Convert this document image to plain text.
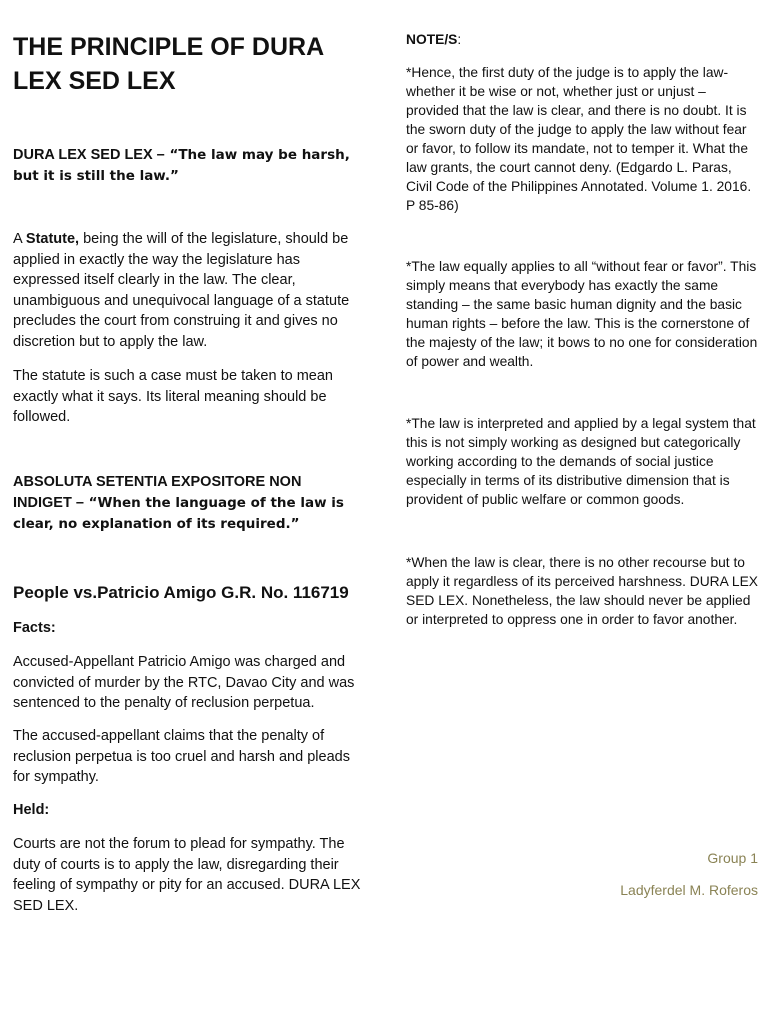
THE PRINCIPLE OF DURA LEX SED LEX

DURA LEX SED LEX – “The law may be harsh, but it is still the law.”

A Statute, being the will of the legislature, should be applied in exactly the way the legislature has expressed itself clearly in the law. The clear, unambiguous and unequivocal language of a statute precludes the court from construing it and gives no discretion but to apply the law.

The statute is such a case must be taken to mean exactly what it says. Its literal meaning should be followed.

ABSOLUTA SETENTIA EXPOSITORE NON INDIGET – “When the language of the law is clear, no explanation of its required.”

People vs.Patricio Amigo G.R. No. 116719

Facts:

Accused-Appellant Patricio Amigo was charged and convicted of murder by the RTC, Davao City and was sentenced to the penalty of reclusion perpetua.

The accused-appellant claims that the penalty of reclusion perpetua is too cruel and harsh and pleads for sympathy.

Held:

Courts are not the forum to plead for sympathy. The duty of courts is to apply the law, disregarding their feeling of sympathy or pity for an accused. DURA LEX SED LEX.

NOTE/S:

*Hence, the first duty of the judge is to apply the law- whether it be wise or not, whether just or unjust – provided that the law is clear, and there is no doubt. It is the sworn duty of the judge to apply the law without fear or favor, to follow its mandate, not to temper it. What the law grants, the court cannot deny. (Edgardo L. Paras, Civil Code of the Philippines Annotated. Volume 1. 2016. P 85-86)

*The law equally applies to all “without fear or favor”. This simply means that everybody has exactly the same standing – the same basic human dignity and the basic human rights – before the law. This is the cornerstone of the majesty of the law; it bows to no one for consideration of power and wealth.

*The law is interpreted and applied by a legal system that this is not simply working as designed but categorically working according to the demands of social justice especially in terms of its distributive dimension that is provident of public welfare or common goods.

*When the law is clear, there is no other recourse but to apply it regardless of its perceived harshness. DURA LEX SED LEX. Nonetheless, the law should never be applied or interpreted to oppress one in order to favor another.

Group 1

Ladyferdel M. Roferos
